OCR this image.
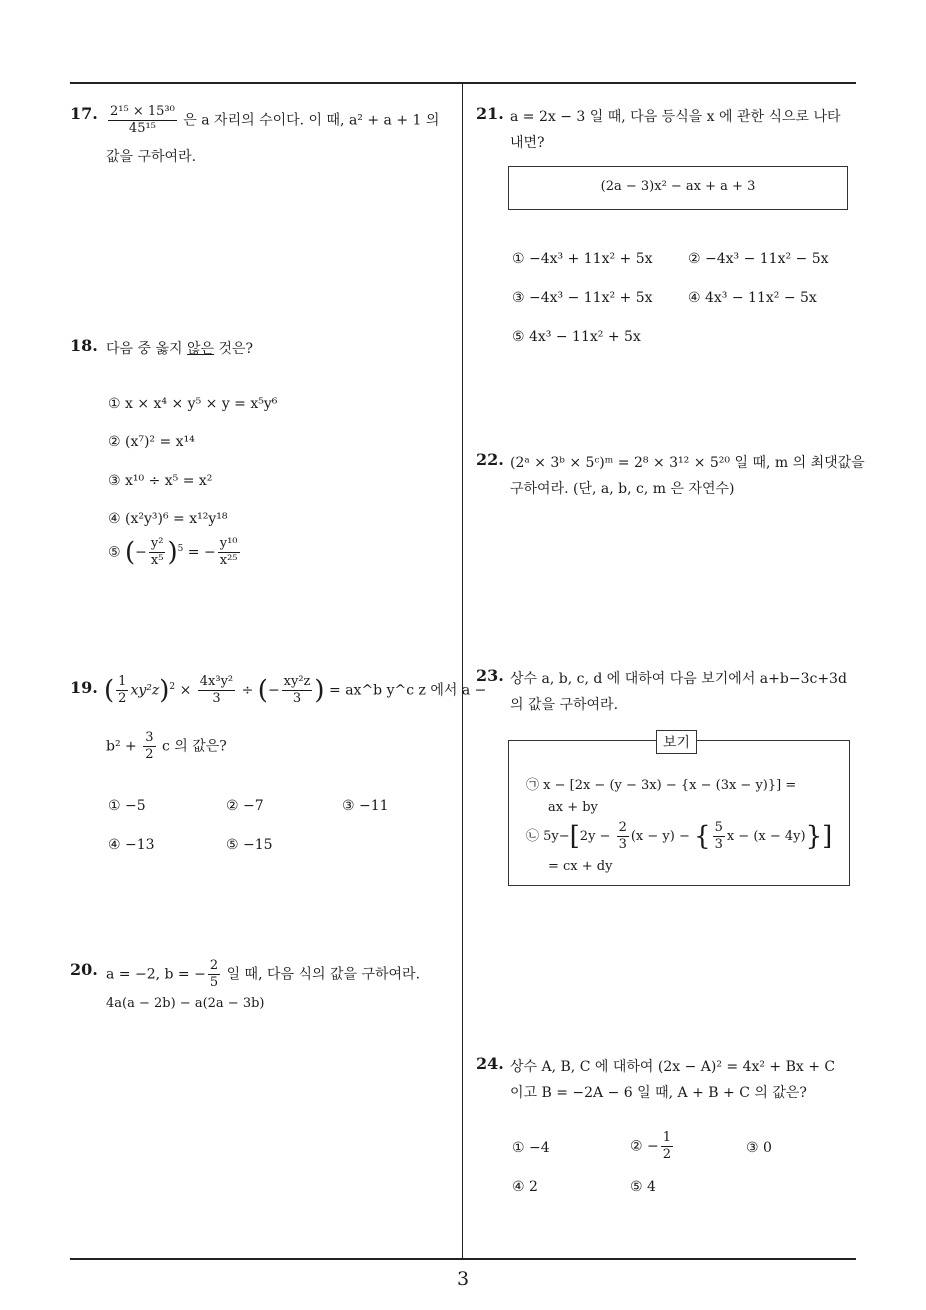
3
17. $\frac{\text{2¹⁵ × 15³⁰}}{\text{45¹⁵}}$ 은 a 자리의 수이다. 이 때, a² + a + 1 의
값을 구하여라.
18. 다음 중 옳지 않은 것은?
① x × x⁴ × y⁵ × y = x⁵y⁶
② (x⁷)² = x¹⁴
③ x¹⁰ ÷ x⁵ = x²
④ (x²y³)⁶ = x¹²y¹⁸
⑤ (− $\frac{\text{y²}}{\text{x⁵}} )^5$ = − $\frac{\text{y¹⁰}}{\text{x²⁵}}$
19. ( $\frac{1}{2} xy^2z)^2 \times \frac{\text{4x³y²}}{3}$ ÷ (− $\frac{\text{xy²z}}{3}$ ) = ax^b y^c z 에서 a −
$b^2 + \frac{3}{2}$ c 의 값은?
① −5	② −7	③ −11
④ −13	⑤ −15
20. a = −2, b = − $\frac{2}{5}$ 일 때, 다음 식의 값을 구하여라.
4a(a − 2b) − a(2a − 3b)
21. a = 2x − 3 일 때, 다음 등식을 x 에 관한 식으로 나타
내면?
(2a − 3)x² − ax + a + 3
① −4x³ + 11x² + 5x	② −4x³ − 11x² − 5x
③ −4x³ − 11x² + 5x	④ 4x³ − 11x² − 5x
⑤ 4x³ − 11x² + 5x
22. (2ᵃ × 3ᵇ × 5ᶜ)ᵐ = 2⁸ × 3¹² × 5²⁰ 일 때, m 의 최댓값을
구하여라. (단, a, b, c, m 은 자연수)
23. 상수 a, b, c, d 에 대하여 다음 보기에서 a+b−3c+3d
의 값을 구하여라.
보기
㉠ x − [2x − (y − 3x) − {x − (3x − y)}] =
ax + by
㉡ $5y-[2y - \frac{2}{3} (x - y)$ − { $\frac{5}{3}$ x − (x − 4y)}]
= cx + dy
24. 상수 A, B, C 에 대하여 (2x − A)² = 4x² + Bx + C
이고 B = −2A − 6 일 때, A + B + C 의 값은?
① −4	② − $\frac{1}{2}$	③ 0
④ 2	⑤ 4
